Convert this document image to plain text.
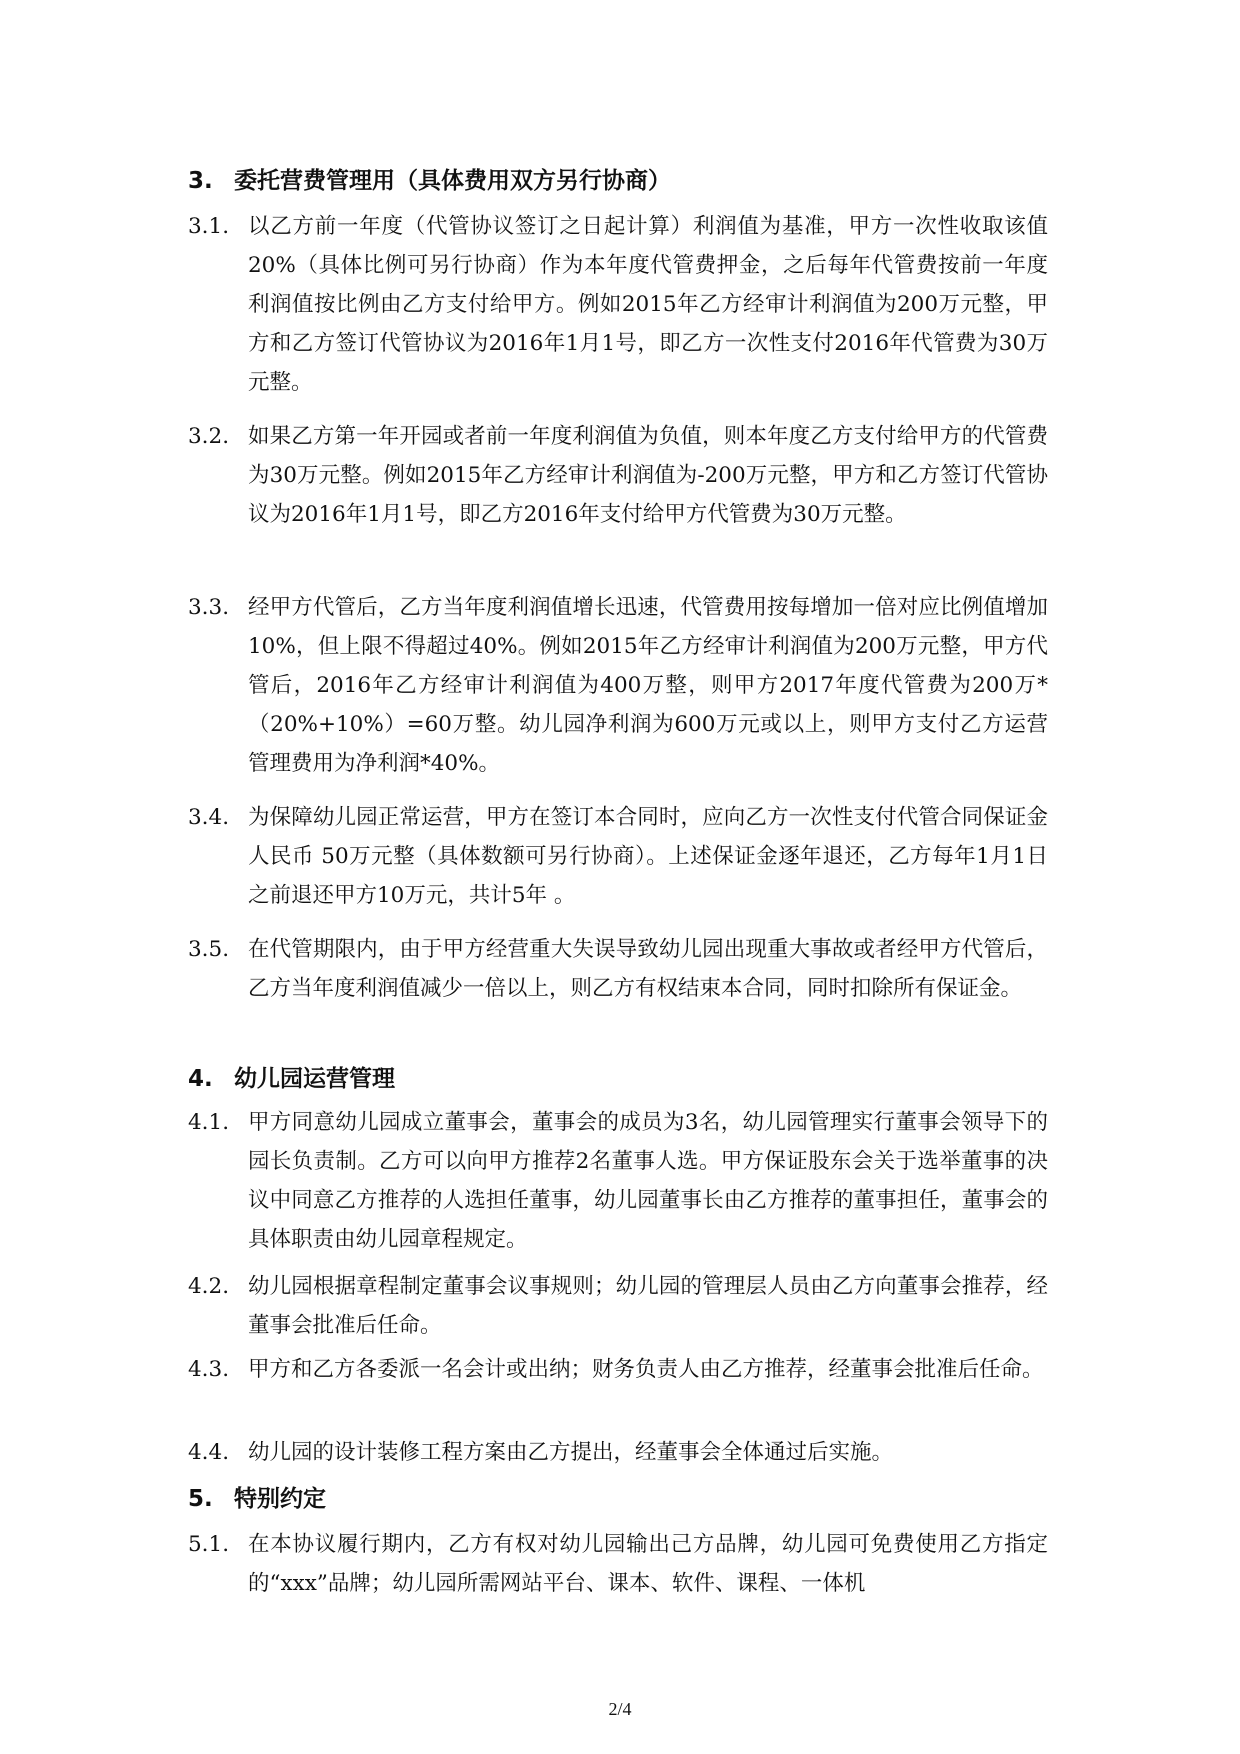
3. 委托营费管理用（具体费用双方另行协商）
3.1. 以乙方前一年度（代管协议签订之日起计算）利润值为基准，甲方一次性收取该值20%（具体比例可另行协商）作为本年度代管费押金，之后每年代管费按前一年度利润值按比例由乙方支付给甲方。例如2015年乙方经审计利润值为200万元整，甲方和乙方签订代管协议为2016年1月1号，即乙方一次性支付2016年代管费为30万元整。
3.2. 如果乙方第一年开园或者前一年度利润值为负值，则本年度乙方支付给甲方的代管费为30万元整。例如2015年乙方经审计利润值为-200万元整，甲方和乙方签订代管协议为2016年1月1号，即乙方2016年支付给甲方代管费为30万元整。
3.3. 经甲方代管后，乙方当年度利润值增长迅速，代管费用按每增加一倍对应比例值增加10%，但上限不得超过40%。例如2015年乙方经审计利润值为200万元整，甲方代管后，2016年乙方经审计利润值为400万整，则甲方2017年度代管费为200万*（20%+10%）=60万整。幼儿园净利润为600万元或以上，则甲方支付乙方运营管理费用为净利润*40%。
3.4. 为保障幼儿园正常运营，甲方在签订本合同时，应向乙方一次性支付代管合同保证金人民币 50万元整（具体数额可另行协商）。上述保证金逐年退还，乙方每年1月1日之前退还甲方10万元，共计5年 。
3.5. 在代管期限内，由于甲方经营重大失误导致幼儿园出现重大事故或者经甲方代管后，乙方当年度利润值减少一倍以上，则乙方有权结束本合同，同时扣除所有保证金。
4. 幼儿园运营管理
4.1. 甲方同意幼儿园成立董事会，董事会的成员为3名，幼儿园管理实行董事会领导下的园长负责制。乙方可以向甲方推荐2名董事人选。甲方保证股东会关于选举董事的决议中同意乙方推荐的人选担任董事，幼儿园董事长由乙方推荐的董事担任，董事会的具体职责由幼儿园章程规定。
4.2. 幼儿园根据章程制定董事会议事规则；幼儿园的管理层人员由乙方向董事会推荐，经董事会批准后任命。
4.3. 甲方和乙方各委派一名会计或出纳；财务负责人由乙方推荐，经董事会批准后任命。
4.4. 幼儿园的设计装修工程方案由乙方提出，经董事会全体通过后实施。
5. 特别约定
5.1. 在本协议履行期内，乙方有权对幼儿园输出己方品牌，幼儿园可免费使用乙方指定的“xxx”品牌；幼儿园所需网站平台、课本、软件、课程、一体机
2/4
